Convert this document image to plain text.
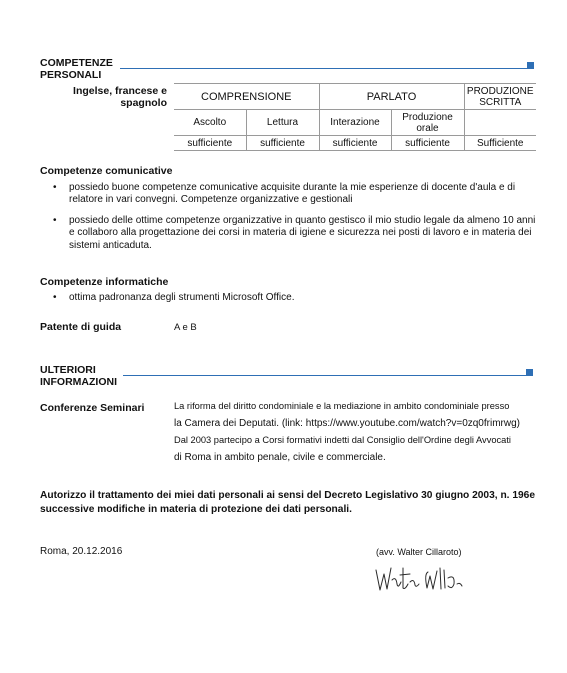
COMPETENZE
PERSONALI
Ingelse, francese e spagnolo
COMPRENSIONE		PARLATO		PRODUZIONE SCRITTA
Ascolto	Lettura	Interazione	Produzione orale	
sufficiente	sufficiente	sufficiente	sufficiente	Sufficiente
Competenze comunicative
• possiedo buone competenze comunicative acquisite durante la mie esperienze di docente d'aula e di relatore in vari convegni. Competenze organizzative e gestionali
• possiedo delle ottime competenze organizzative in quanto gestisco il mio studio legale da almeno 10 anni e collaboro alla progettazione dei corsi in materia di igiene e sicurezza nei posti di lavoro e in materia dei sistemi anticaduta.
Competenze informatiche
• ottima padronanza degli strumenti Microsoft Office.
Patente di guida	A e B
ULTERIORI
INFORMAZIONI
Conferenze Seminari	La riforma del diritto condominiale e la mediazione in ambito condominiale presso
la Camera dei Deputati. (link: https://www.youtube.com/watch?v=0zq0frimrwg)
Dal 2003 partecipo a Corsi formativi indetti dal Consiglio dell'Ordine degli Avvocati
di Roma in ambito penale, civile e commerciale.
Autorizzo il trattamento dei miei dati personali ai sensi del Decreto Legislativo 30 giugno 2003, n. 196e successive modifiche in materia di protezione dei dati personali.
Roma, 20.12.2016	(avv. Walter Cillaroto)
